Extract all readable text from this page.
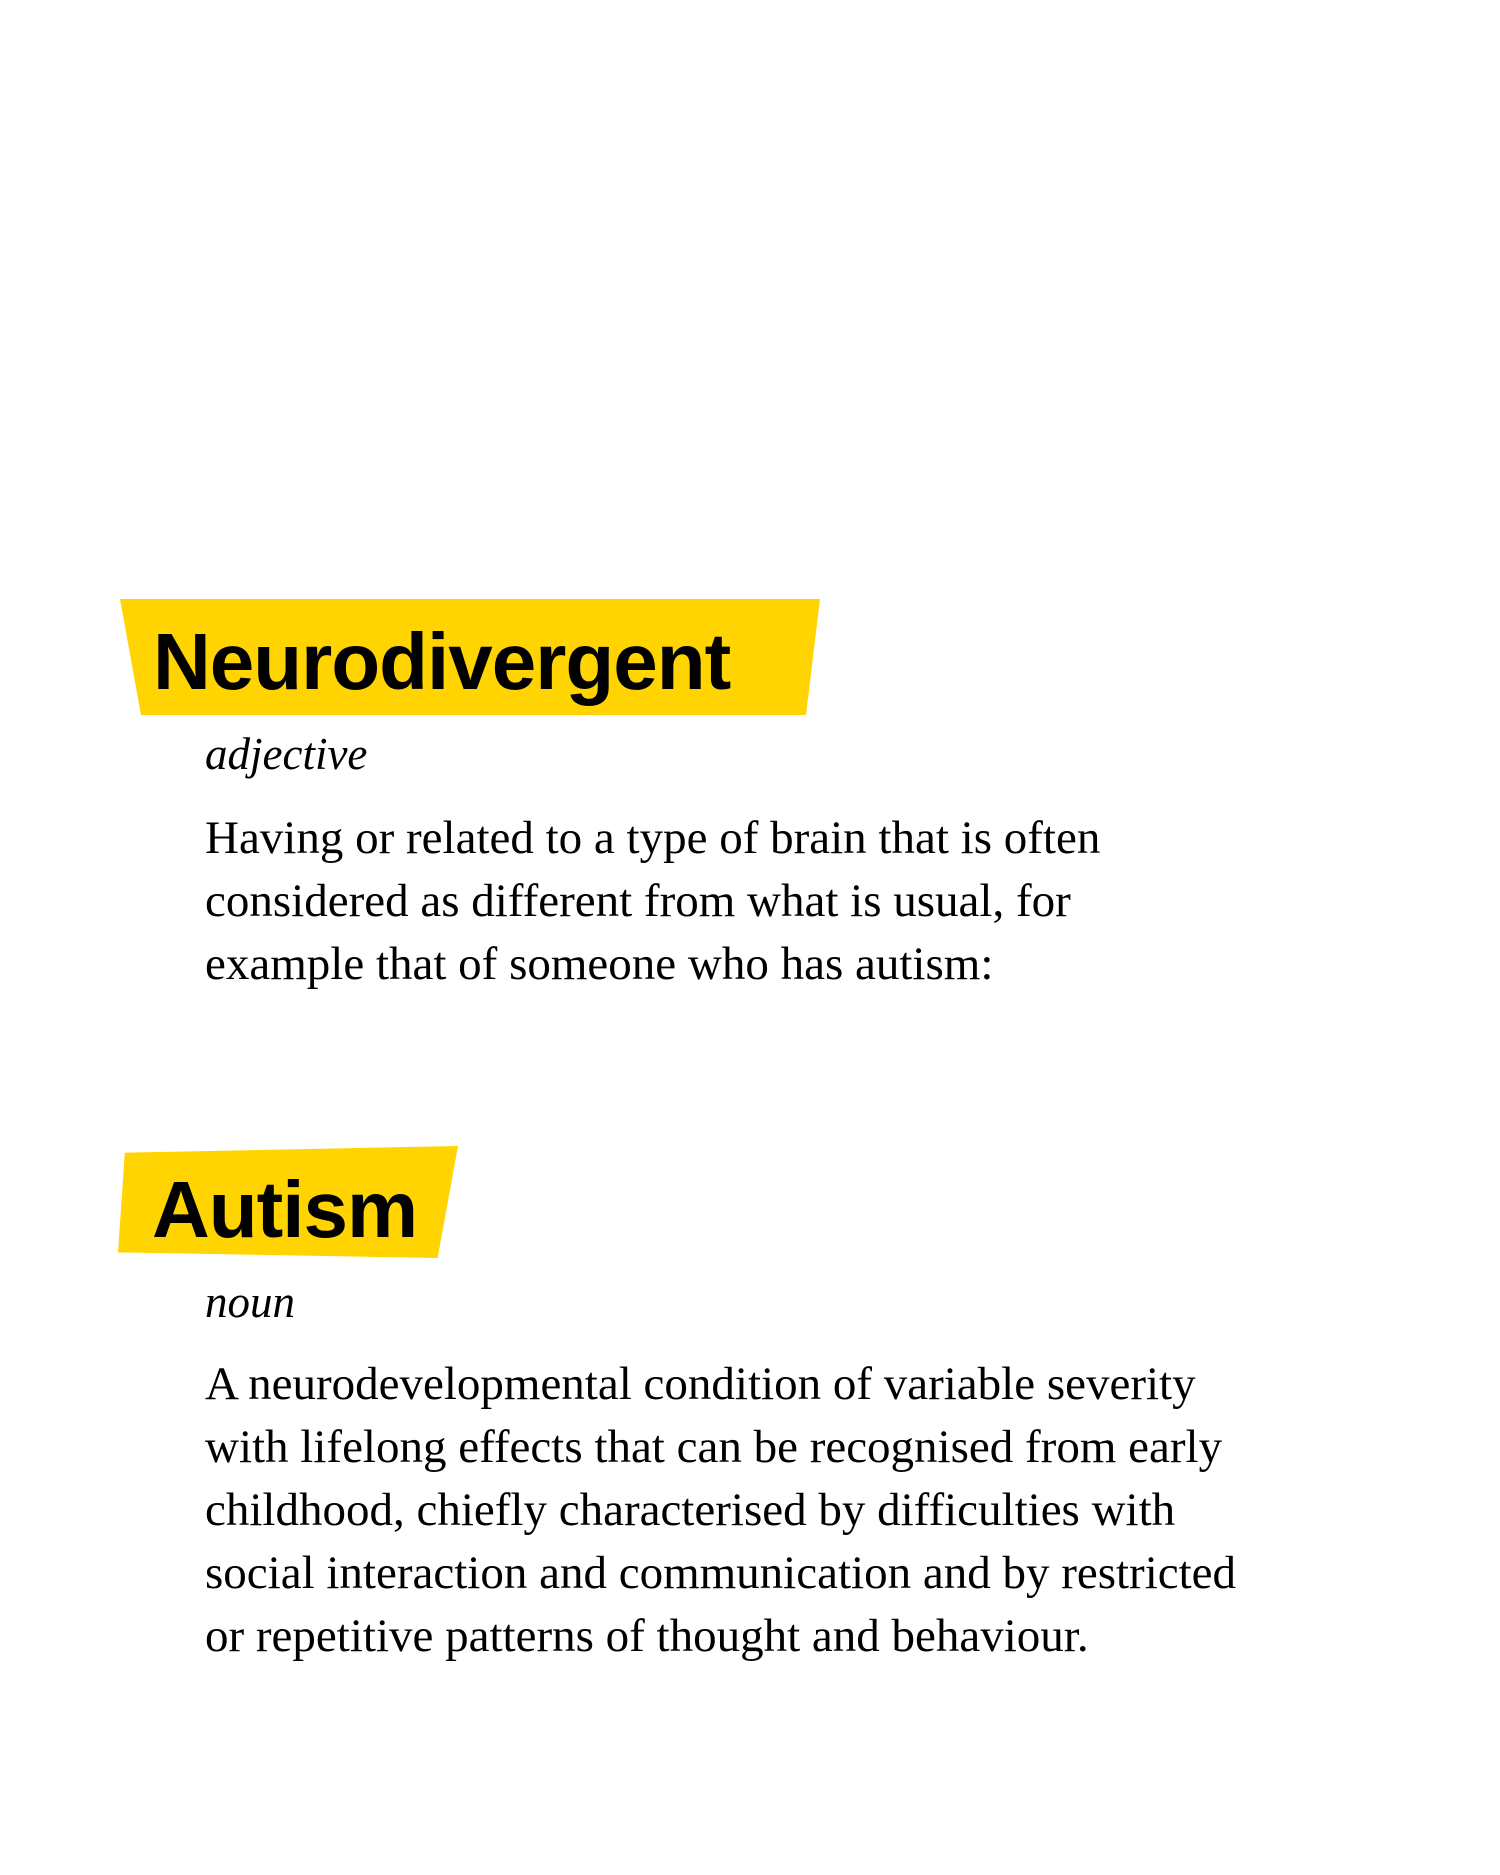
Neurodivergent
adjective

Having or related to a type of brain that is often
considered as different from what is usual, for
example that of someone who has autism:

Autism
noun

A neurodevelopmental condition of variable severity
with lifelong effects that can be recognised from early
childhood, chiefly characterised by difficulties with
social interaction and communication and by restricted
or repetitive patterns of thought and behaviour.
